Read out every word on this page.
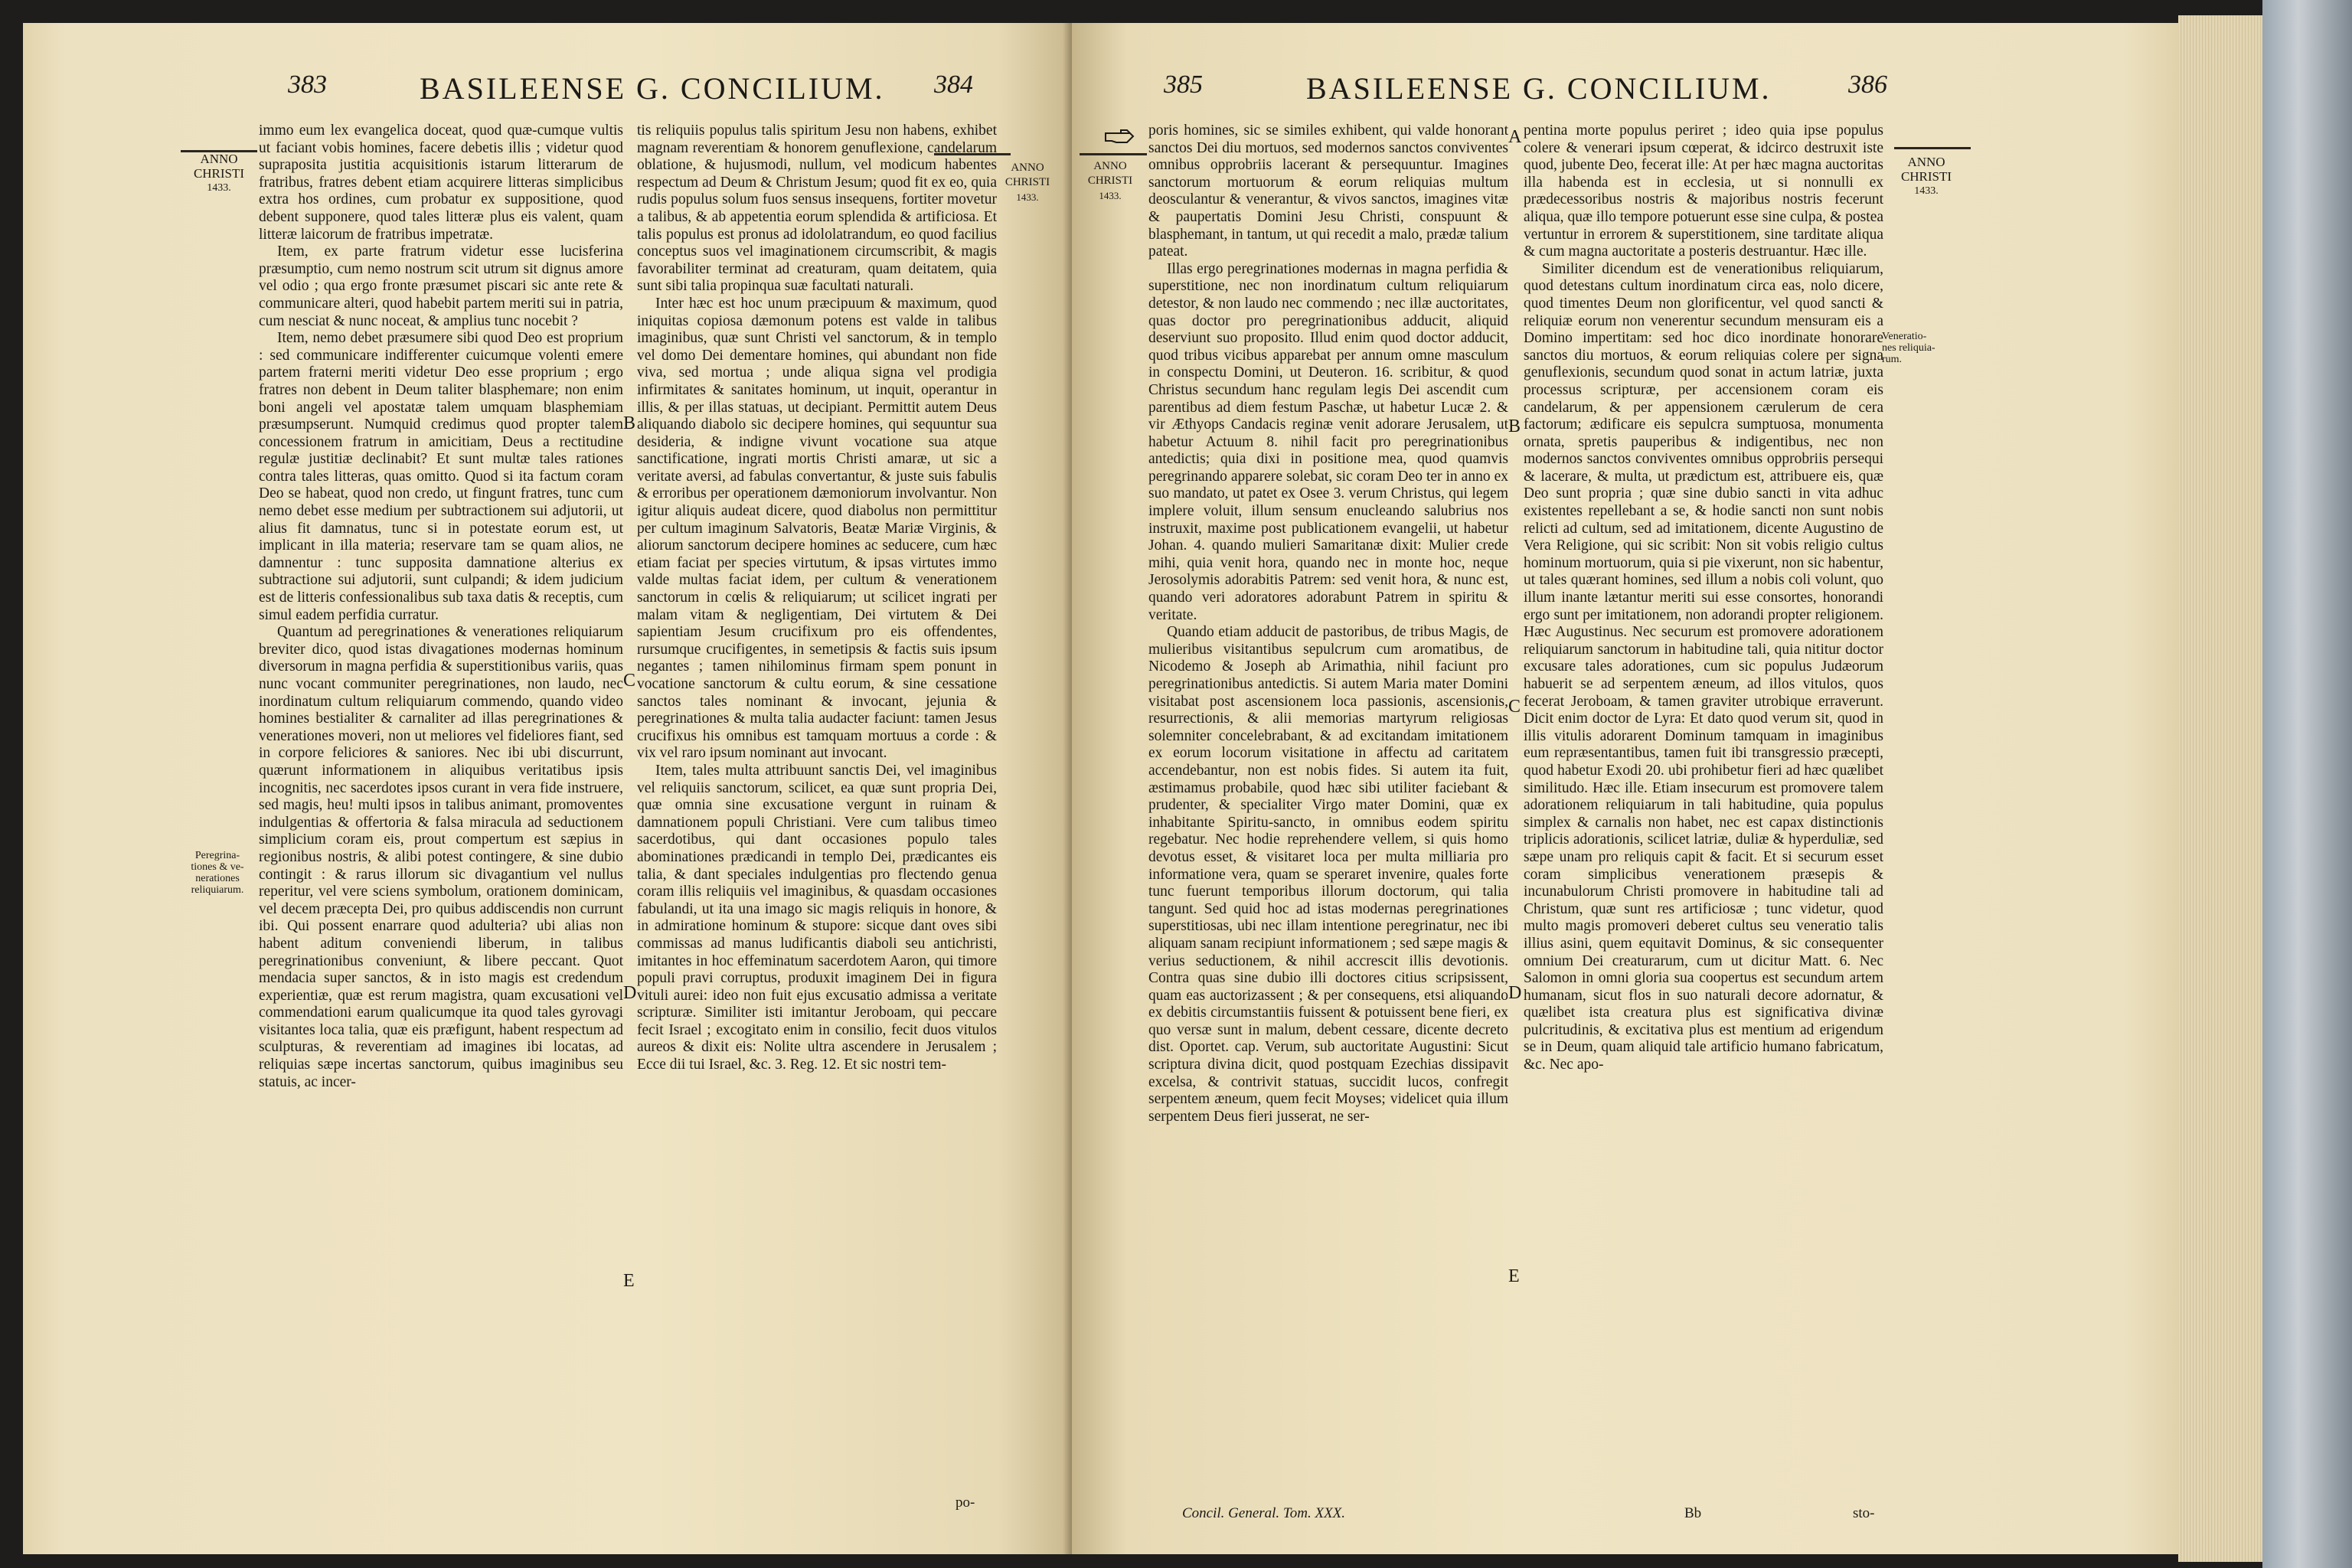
383	BASILEENSE G. CONCILIUM. 384
ANNO
CHRISTI
1433.
ANNO
CHRISTI
1433.
Peregrina-
tiones & ve-
nerationes
reliquiarum.

immo eum lex evangelica doceat, quod quæ-cumque vultis ut faciant vobis homines, facere debetis illis ; videtur quod supraposita justitia acquisitionis istarum litterarum de fratribus, fratres debent etiam acquirere litteras simplicibus extra hos ordines, cum probatur ex suppositione, quod debent supponere, quod tales litteræ plus eis valent, quam litteræ laicorum de fratribus impetratæ.

Item, ex parte fratrum videtur esse lucisferina præsumptio, cum nemo nostrum scit utrum sit dignus amore vel odio ; qua ergo fronte præsumet piscari sic ante rete & communicare alteri, quod habebit partem meriti sui in patria, cum nesciat & nunc noceat, & amplius tunc nocebit ?

Item, nemo debet præsumere sibi quod Deo est proprium : sed communicare indifferenter cuicumque volenti emere partem fraterni meriti videtur Deo esse proprium ; ergo fratres non debent in Deum taliter blasphemare; non enim boni angeli vel apostatæ talem umquam blasphemiam præsumpserunt. Numquid credimus quod propter talem concessionem fratrum in amicitiam, Deus a rectitudine regulæ justitiæ declinabit? Et sunt multæ tales rationes contra tales litteras, quas omitto. Quod si ita factum coram Deo se habeat, quod non credo, ut fingunt fratres, tunc cum nemo debet esse medium per subtractionem sui adjutorii, ut alius fit damnatus, tunc si in potestate eorum est, ut implicant in illa materia; reservare tam se quam alios, ne damnentur : tunc supposita damnatione alterius ex subtractione sui adjutorii, sunt culpandi; & idem judicium est de litteris confessionalibus sub taxa datis & receptis, cum simul eadem perfidia curratur.

Quantum ad peregrinationes & venerationes reliquiarum breviter dico, quod istas divagationes modernas hominum diversorum in magna perfidia & superstitionibus variis, quas nunc vocant communiter peregrinationes, non laudo, nec inordinatum cultum reliquiarum commendo, quando video homines bestialiter & carnaliter ad illas peregrinationes & venerationes moveri, non ut meliores vel fideliores fiant, sed in corpore feliciores & saniores. Nec ibi ubi discurrunt, quærunt informationem in aliquibus veritatibus ipsis incognitis, nec sacerdotes ipsos curant in vera fide instruere, sed magis, heu! multi ipsos in talibus animant, promoventes indulgentias & offertoria & falsa miracula ad seductionem simplicium coram eis, prout compertum est sæpius in regionibus nostris, & alibi potest contingere, & sine dubio contingit : & rarus illorum sic divagantium vel nullus reperitur, vel vere sciens symbolum, orationem dominicam, vel decem præcepta Dei, pro quibus addiscendis non currunt ibi. Qui possent enarrare quod adulteria? ubi alias non habent aditum conveniendi liberum, in talibus peregrinationibus conveniunt, & libere peccant. Quot mendacia super sanctos, & in isto magis est credendum experientiæ, quæ est rerum magistra, quam excusationi vel commendationi earum qualicumque ita quod tales gyrovagi visitantes loca talia, quæ eis præfigunt, habent respectum ad sculpturas, & reverentiam ad imagines ibi locatas, ad reliquias sæpe incertas sanctorum, quibus imaginibus seu statuis, ac incer-

B
C
D
E

tis reliquiis populus talis spiritum Jesu non habens, exhibet magnam reverentiam & honorem genuflexione, candelarum oblatione, & hujusmodi, nullum, vel modicum habentes respectum ad Deum & Christum Jesum; quod fit ex eo, quia rudis populus solum fuos sensus insequens, fortiter movetur a talibus, & ab appetentia eorum splendida & artificiosa. Et talis populus est pronus ad idololatrandum, eo quod facilius conceptus suos vel imaginationem circumscribit, & magis favorabiliter terminat ad creaturam, quam deitatem, quia sunt sibi talia propinqua suæ facultati naturali.

Inter hæc est hoc unum præcipuum & maximum, quod iniquitas copiosa dæmonum potens est valde in talibus imaginibus, quæ sunt Christi vel sanctorum, & in templo vel domo Dei dementare homines, qui abundant non fide viva, sed mortua ; unde aliqua signa vel prodigia infirmitates & sanitates hominum, ut inquit, operantur in illis, & per illas statuas, ut decipiant. Permittit autem Deus aliquando diabolo sic decipere homines, qui sequuntur sua desideria, & indigne vivunt vocatione sua atque sanctificatione, ingrati mortis Christi amaræ, ut sic a veritate aversi, ad fabulas convertantur, & juste suis fabulis & erroribus per operationem dæmoniorum involvantur. Non igitur aliquis audeat dicere, quod diabolus non permittitur per cultum imaginum Salvatoris, Beatæ Mariæ Virginis, & aliorum sanctorum decipere homines ac seducere, cum hæc etiam faciat per species virtutum, & ipsas virtutes immo valde multas faciat idem, per cultum & venerationem sanctorum in cœlis & reliquiarum; ut scilicet ingrati per malam vitam & negligentiam, Dei virtutem & Dei sapientiam Jesum crucifixum pro eis offendentes, rursumque crucifigentes, in semetipsis & factis suis ipsum negantes ; tamen nihilominus firmam spem ponunt in vocatione sanctorum & cultu eorum, & sine cessatione sanctos tales nominant & invocant, jejunia & peregrinationes & multa talia audacter faciunt: tamen Jesus crucifixus his omnibus est tamquam mortuus a corde : & vix vel raro ipsum nominant aut invocant.

Item, tales multa attribuunt sanctis Dei, vel imaginibus vel reliquiis sanctorum, scilicet, ea quæ sunt propria Dei, quæ omnia sine excusatione vergunt in ruinam & damnationem populi Christiani. Vere cum talibus timeo sacerdotibus, qui dant occasiones populo tales abominationes prædicandi in templo Dei, prædicantes eis talia, & dant speciales indulgentias pro flectendo genua coram illis reliquiis vel imaginibus, & quasdam occasiones fabulandi, ut ita una imago sic magis reliquis in honore, & in admiratione hominum & stupore: sicque dant oves sibi commissas ad manus ludificantis diaboli seu antichristi, imitantes in hoc effeminatum sacerdotem Aaron, qui timore populi pravi corruptus, produxit imaginem Dei in figura vituli aurei: ideo non fuit ejus excusatio admissa a veritate scripturæ. Similiter isti imitantur Jeroboam, qui peccare fecit Israel ; excogitato enim in consilio, fecit duos vitulos aureos & dixit eis: Nolite ultra ascendere in Jerusalem ; Ecce dii tui Israel, &c. 3. Reg. 12. Et sic nostri tem-

po-
385	BASILEENSE G. CONCILIUM.	386
ANNO
CHRISTI
1433.
ANNO
CHRISTI
1433.
Veneratio-
nes reliquia-
rum.

poris homines, sic se similes exhibent, qui valde honorant sanctos Dei diu mortuos, sed modernos sanctos conviventes omnibus opprobriis lacerant & persequuntur. Imagines sanctorum mortuorum & eorum reliquias multum deosculantur & venerantur, & vivos sanctos, imagines vitæ & paupertatis Domini Jesu Christi, conspuunt & blasphemant, in tantum, ut qui recedit a malo, prædæ talium pateat.

Illas ergo peregrinationes modernas in magna perfidia & superstitione, nec non inordinatum cultum reliquiarum detestor, & non laudo nec commendo ; nec illæ auctoritates, quas doctor pro peregrinationibus adducit, aliquid deserviunt suo proposito. Illud enim quod doctor adducit, quod tribus vicibus apparebat per annum omne masculum in conspectu Domini, ut Deuteron. 16. scribitur, & quod Christus secundum hanc regulam legis Dei ascendit cum parentibus ad diem festum Paschæ, ut habetur Lucæ 2. & vir Æthyops Candacis reginæ venit adorare Jerusalem, ut habetur Actuum 8. nihil facit pro peregrinationibus antedictis; quia dixi in positione mea, quod quamvis peregrinando apparere solebat, sic coram Deo ter in anno ex suo mandato, ut patet ex Osee 3. verum Christus, qui legem implere voluit, illum sensum enucleando salubrius nos instruxit, maxime post publicationem evangelii, ut habetur Johan. 4. quando mulieri Samaritanæ dixit: Mulier crede mihi, quia venit hora, quando nec in monte hoc, neque Jerosolymis adorabitis Patrem: sed venit hora, & nunc est, quando veri adoratores adorabunt Patrem in spiritu & veritate.

Quando etiam adducit de pastoribus, de tribus Magis, de mulieribus visitantibus sepulcrum cum aromatibus, de Nicodemo & Joseph ab Arimathia, nihil faciunt pro peregrinationibus antedictis. Si autem Maria mater Domini visitabat post ascensionem loca passionis, ascensionis, resurrectionis, & alii memorias martyrum religiosas solemniter concelebrabant, & ad excitandam imitationem ex eorum locorum visitatione in affectu ad caritatem accendebantur, non est nobis fides. Si autem ita fuit, æstimamus probabile, quod hæc sibi utiliter faciebant & prudenter, & specialiter Virgo mater Domini, quæ ex inhabitante Spiritu-sancto, in omnibus eodem spiritu regebatur. Nec hodie reprehendere vellem, si quis homo devotus esset, & visitaret loca per multa milliaria pro informatione vera, quam se speraret invenire, quales forte tunc fuerunt temporibus illorum doctorum, qui talia tangunt. Sed quid hoc ad istas modernas peregrinationes superstitiosas, ubi nec illam intentione peregrinatur, nec ibi aliquam sanam recipiunt informationem ; sed sæpe magis & verius seductionem, & nihil accrescit illis devotionis. Contra quas sine dubio illi doctores citius scripsissent, quam eas auctorizassent ; & per consequens, etsi aliquando ex debitis circumstantiis fuissent & potuissent bene fieri, ex quo versæ sunt in malum, debent cessare, dicente decreto dist. Oportet. cap. Verum, sub auctoritate Augustini: Sicut scriptura divina dicit, quod postquam Ezechias dissipavit excelsa, & contrivit statuas, succidit lucos, confregit serpentem æneum, quem fecit Moyses; videlicet quia illum serpentem Deus fieri jusserat, ne ser-

A
B
C
D
E

pentina morte populus periret ; ideo quia ipse populus colere & venerari ipsum cœperat, & idcirco destruxit iste quod, jubente Deo, fecerat ille: At per hæc magna auctoritas illa habenda est in ecclesia, ut si nonnulli ex prædecessoribus nostris & majoribus nostris fecerunt aliqua, quæ illo tempore potuerunt esse sine culpa, & postea vertuntur in errorem & superstitionem, sine tarditate aliqua & cum magna auctoritate a posteris destruantur. Hæc ille.

Similiter dicendum est de venerationibus reliquiarum, quod detestans cultum inordinatum circa eas, nolo dicere, quod timentes Deum non glorificentur, vel quod sancti & reliquiæ eorum non venerentur secundum mensuram eis a Domino impertitam: sed hoc dico inordinate honorare sanctos diu mortuos, & eorum reliquias colere per signa genuflexionis, secundum quod sonat in actum latriæ, juxta processus scripturæ, per accensionem coram eis candelarum, & per appensionem cærulerum de cera factorum; ædificare eis sepulcra sumptuosa, monumenta ornata, spretis pauperibus & indigentibus, nec non modernos sanctos conviventes omnibus opprobriis persequi & lacerare, & multa, ut prædictum est, attribuere eis, quæ Deo sunt propria ; quæ sine dubio sancti in vita adhuc existentes repellebant a se, & hodie sancti non sunt nobis relicti ad cultum, sed ad imitationem, dicente Augustino de Vera Religione, qui sic scribit: Non sit vobis religio cultus hominum mortuorum, quia si pie vixerunt, non sic habentur, ut tales quærant homines, sed illum a nobis coli volunt, quo illum inante lætantur meriti sui esse consortes, honorandi ergo sunt per imitationem, non adorandi propter religionem. Hæc Augustinus. Nec securum est promovere adorationem reliquiarum sanctorum in habitudine tali, quia nititur doctor excusare tales adorationes, cum sic populus Judæorum habuerit se ad serpentem æneum, ad illos vitulos, quos fecerat Jeroboam, & tamen graviter utrobique erraverunt. Dicit enim doctor de Lyra: Et dato quod verum sit, quod in illis vitulis adorarent Dominum tamquam in imaginibus eum repræsentantibus, tamen fuit ibi transgressio præcepti, quod habetur Exodi 20. ubi prohibetur fieri ad hæc quælibet similitudo. Hæc ille. Etiam insecurum est promovere talem adorationem reliquiarum in tali habitudine, quia populus simplex & carnalis non habet, nec est capax distinctionis triplicis adorationis, scilicet latriæ, duliæ & hyperduliæ, sed sæpe unam pro reliquis capit & facit. Et si securum esset coram simplicibus venerationem præsepis & incunabulorum Christi promovere in habitudine tali ad Christum, quæ sunt res artificiosæ ; tunc videtur, quod multo magis promoveri deberet cultus seu veneratio talis illius asini, quem equitavit Dominus, & sic consequenter omnium Dei creaturarum, cum ut dicitur Matt. 6. Nec Salomon in omni gloria sua coopertus est secundum artem humanam, sicut flos in suo naturali decore adornatur, & quælibet ista creatura plus est significativa divinæ pulcritudinis, & excitativa plus est mentium ad erigendum se in Deum, quam aliquid tale artificio humano fabricatum, &c. Nec apo-

Concil. General. Tom. XXX.	Bb	sto-
